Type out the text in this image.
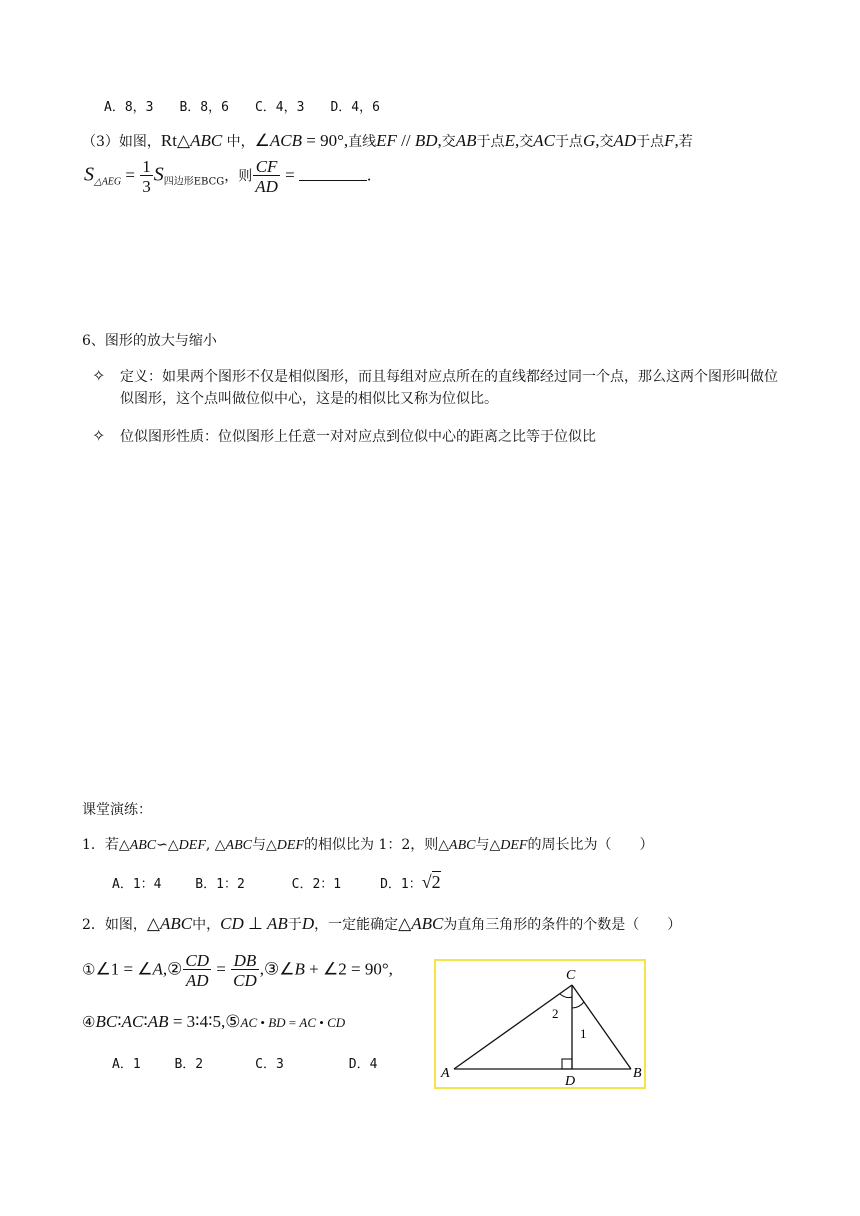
A．8，3　　B．8，6　　C．4，3　　D．4，6
（3）如图，Rt△ABC 中，∠ACB = 90°,直线EF // BD,交AB于点E,交AC于点G,交AD于点F,若
$S_{\triangle AEG} = \frac{1}{3} S_{四边形EBCG}$，则 $\frac{CF}{AD}$ =	.
6、图形的放大与缩小
✧ 定义：如果两个图形不仅是相似图形，而且每组对应点所在的直线都经过同一个点，那么这两个图形叫做位似图形，这个点叫做位似中心，这是的相似比又称为位似比。
✧ 位似图形性质：位似图形上任意一对对应点到位似中心的距离之比等于位似比
课堂演练：
1．若△ABC∽△DEF, △ABC与△DEF的相似比为 1：2，则△ABC与△DEF的周长比为（　　）
A．1：4　　 B．1：2　　　 C．2：1　　　D．1：√2
2．如图，△ABC中，CD ⊥ AB于D，一定能确定△ABC为直角三角形的条件的个数是（　　）
①∠1 = ∠A,② $\frac{CD}{AD} = \frac{DB}{CD}$ ,③∠B + ∠2 = 90°,
④BC∶AC∶AB = 3∶4∶5,⑤AC • BD = AC • CD
A．1　　 B．2　　　　C．3　　　　　D．4
C
A	B
D
1
2
